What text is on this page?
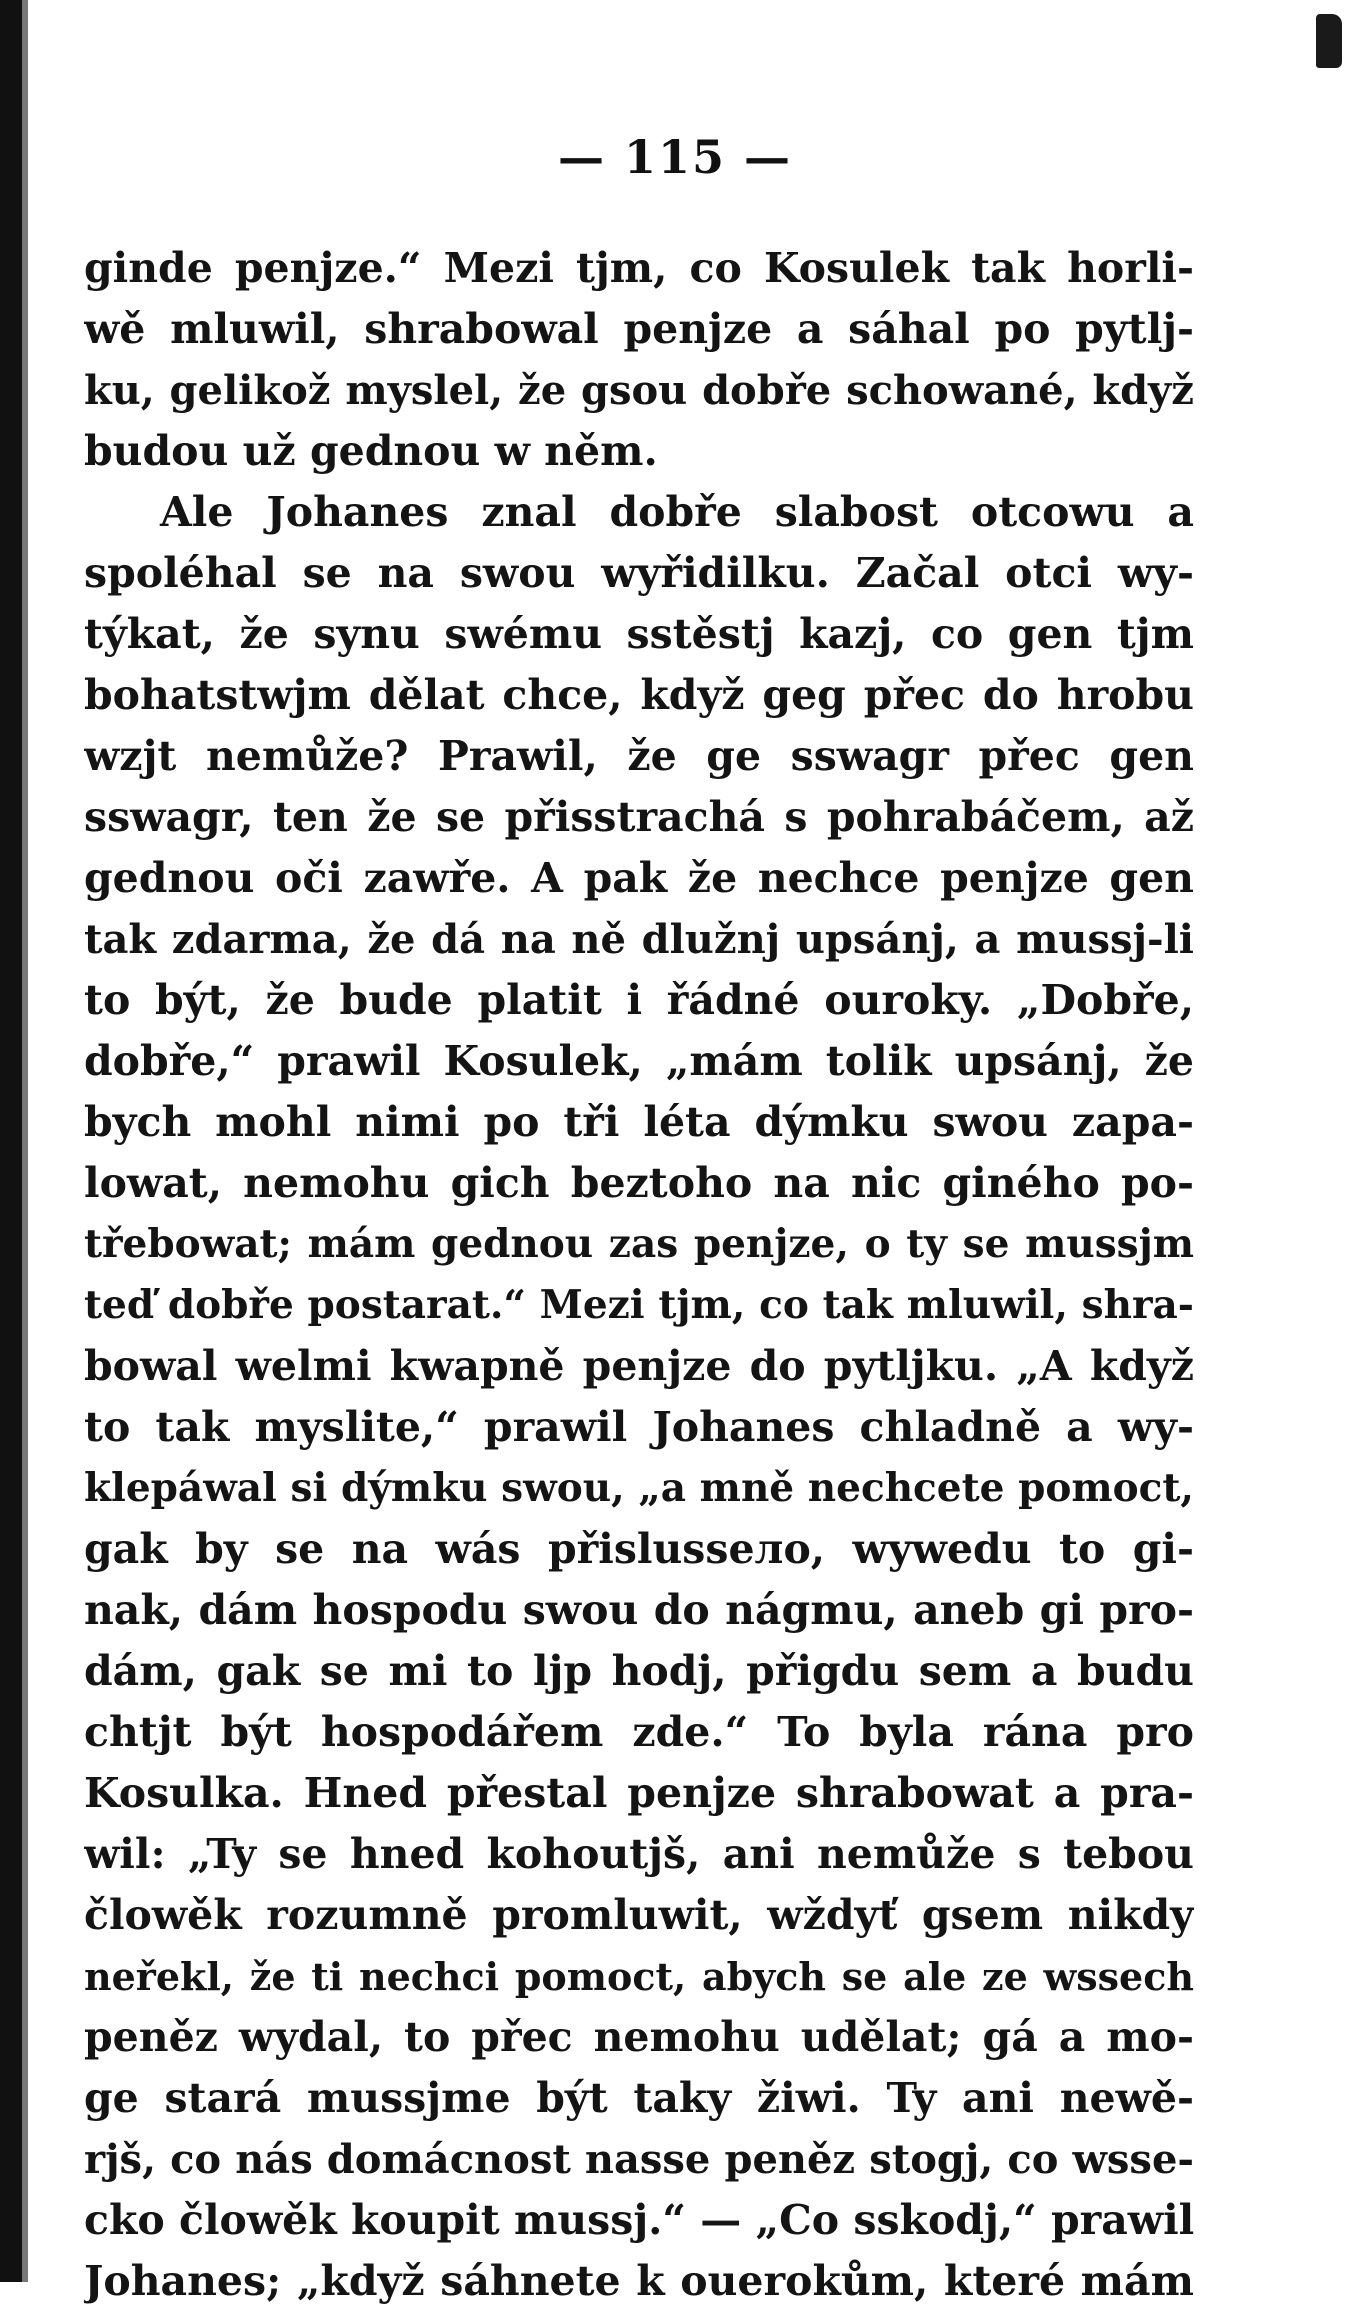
— 115 —
ginde penjze.“ Mezi tjm, co Kosulek tak horli-
wě mluwil, shrabowal penjze a sáhal po pytlj-
ku, gelikož myslel, že gsou dobře schowané, když
budou už gednou w něm.
Ale Johanes znal dobře slabost otcowu a
spoléhal se na swou wyřidilku. Začal otci wy-
týkat, že synu swému sstěstj kazj, co gen tjm
bohatstwjm dělat chce, když geg přec do hrobu
wzjt nemůže? Prawil, že ge sswagr přec gen
sswagr, ten že se přisstrachá s pohrabáčem, až
gednou oči zawře. A pak že nechce penjze gen
tak zdarma, že dá na ně dlužnj upsánj, a mussj-li
to být, že bude platit i řádné ouroky. „Dobře,
dobře,“ prawil Kosulek, „mám tolik upsánj, že
bych mohl nimi po tři léta dýmku swou zapa-
lowat, nemohu gich beztoho na nic giného po-
třebowat; mám gednou zas penjze, o ty se mussjm
teď dobře postarat.“ Mezi tjm, co tak mluwil, shra-
bowal welmi kwapně penjze do pytljku. „A když
to tak myslite,“ prawil Johanes chladně a wy-
klepáwal si dýmku swou, „a mně nechcete pomoct,
gak by se na wás přislussело, wywedu to gi-
nak, dám hospodu swou do nágmu, aneb gi pro-
dám, gak se mi to ljp hodj, přigdu sem a budu
chtjt být hospodářem zde.“ To byla rána pro
Kosulka. Hned přestal penjze shrabowat a pra-
wil: „Ty se hned kohoutjš, ani nemůže s tebou
člowěk rozumně promluwit, wždyť gsem nikdy
neřekl, že ti nechci pomoct, abych se ale ze wssech
peněz wydal, to přec nemohu udělat; gá a mo-
ge stará mussjme být taky žiwi. Ty ani newě-
rjš, co nás domácnost nasse peněz stogj, co wsse-
cko člowěk koupit mussj.“ — „Co sskodj,“ prawil
Johanes; „když sáhnete k ouerokům, které mám
